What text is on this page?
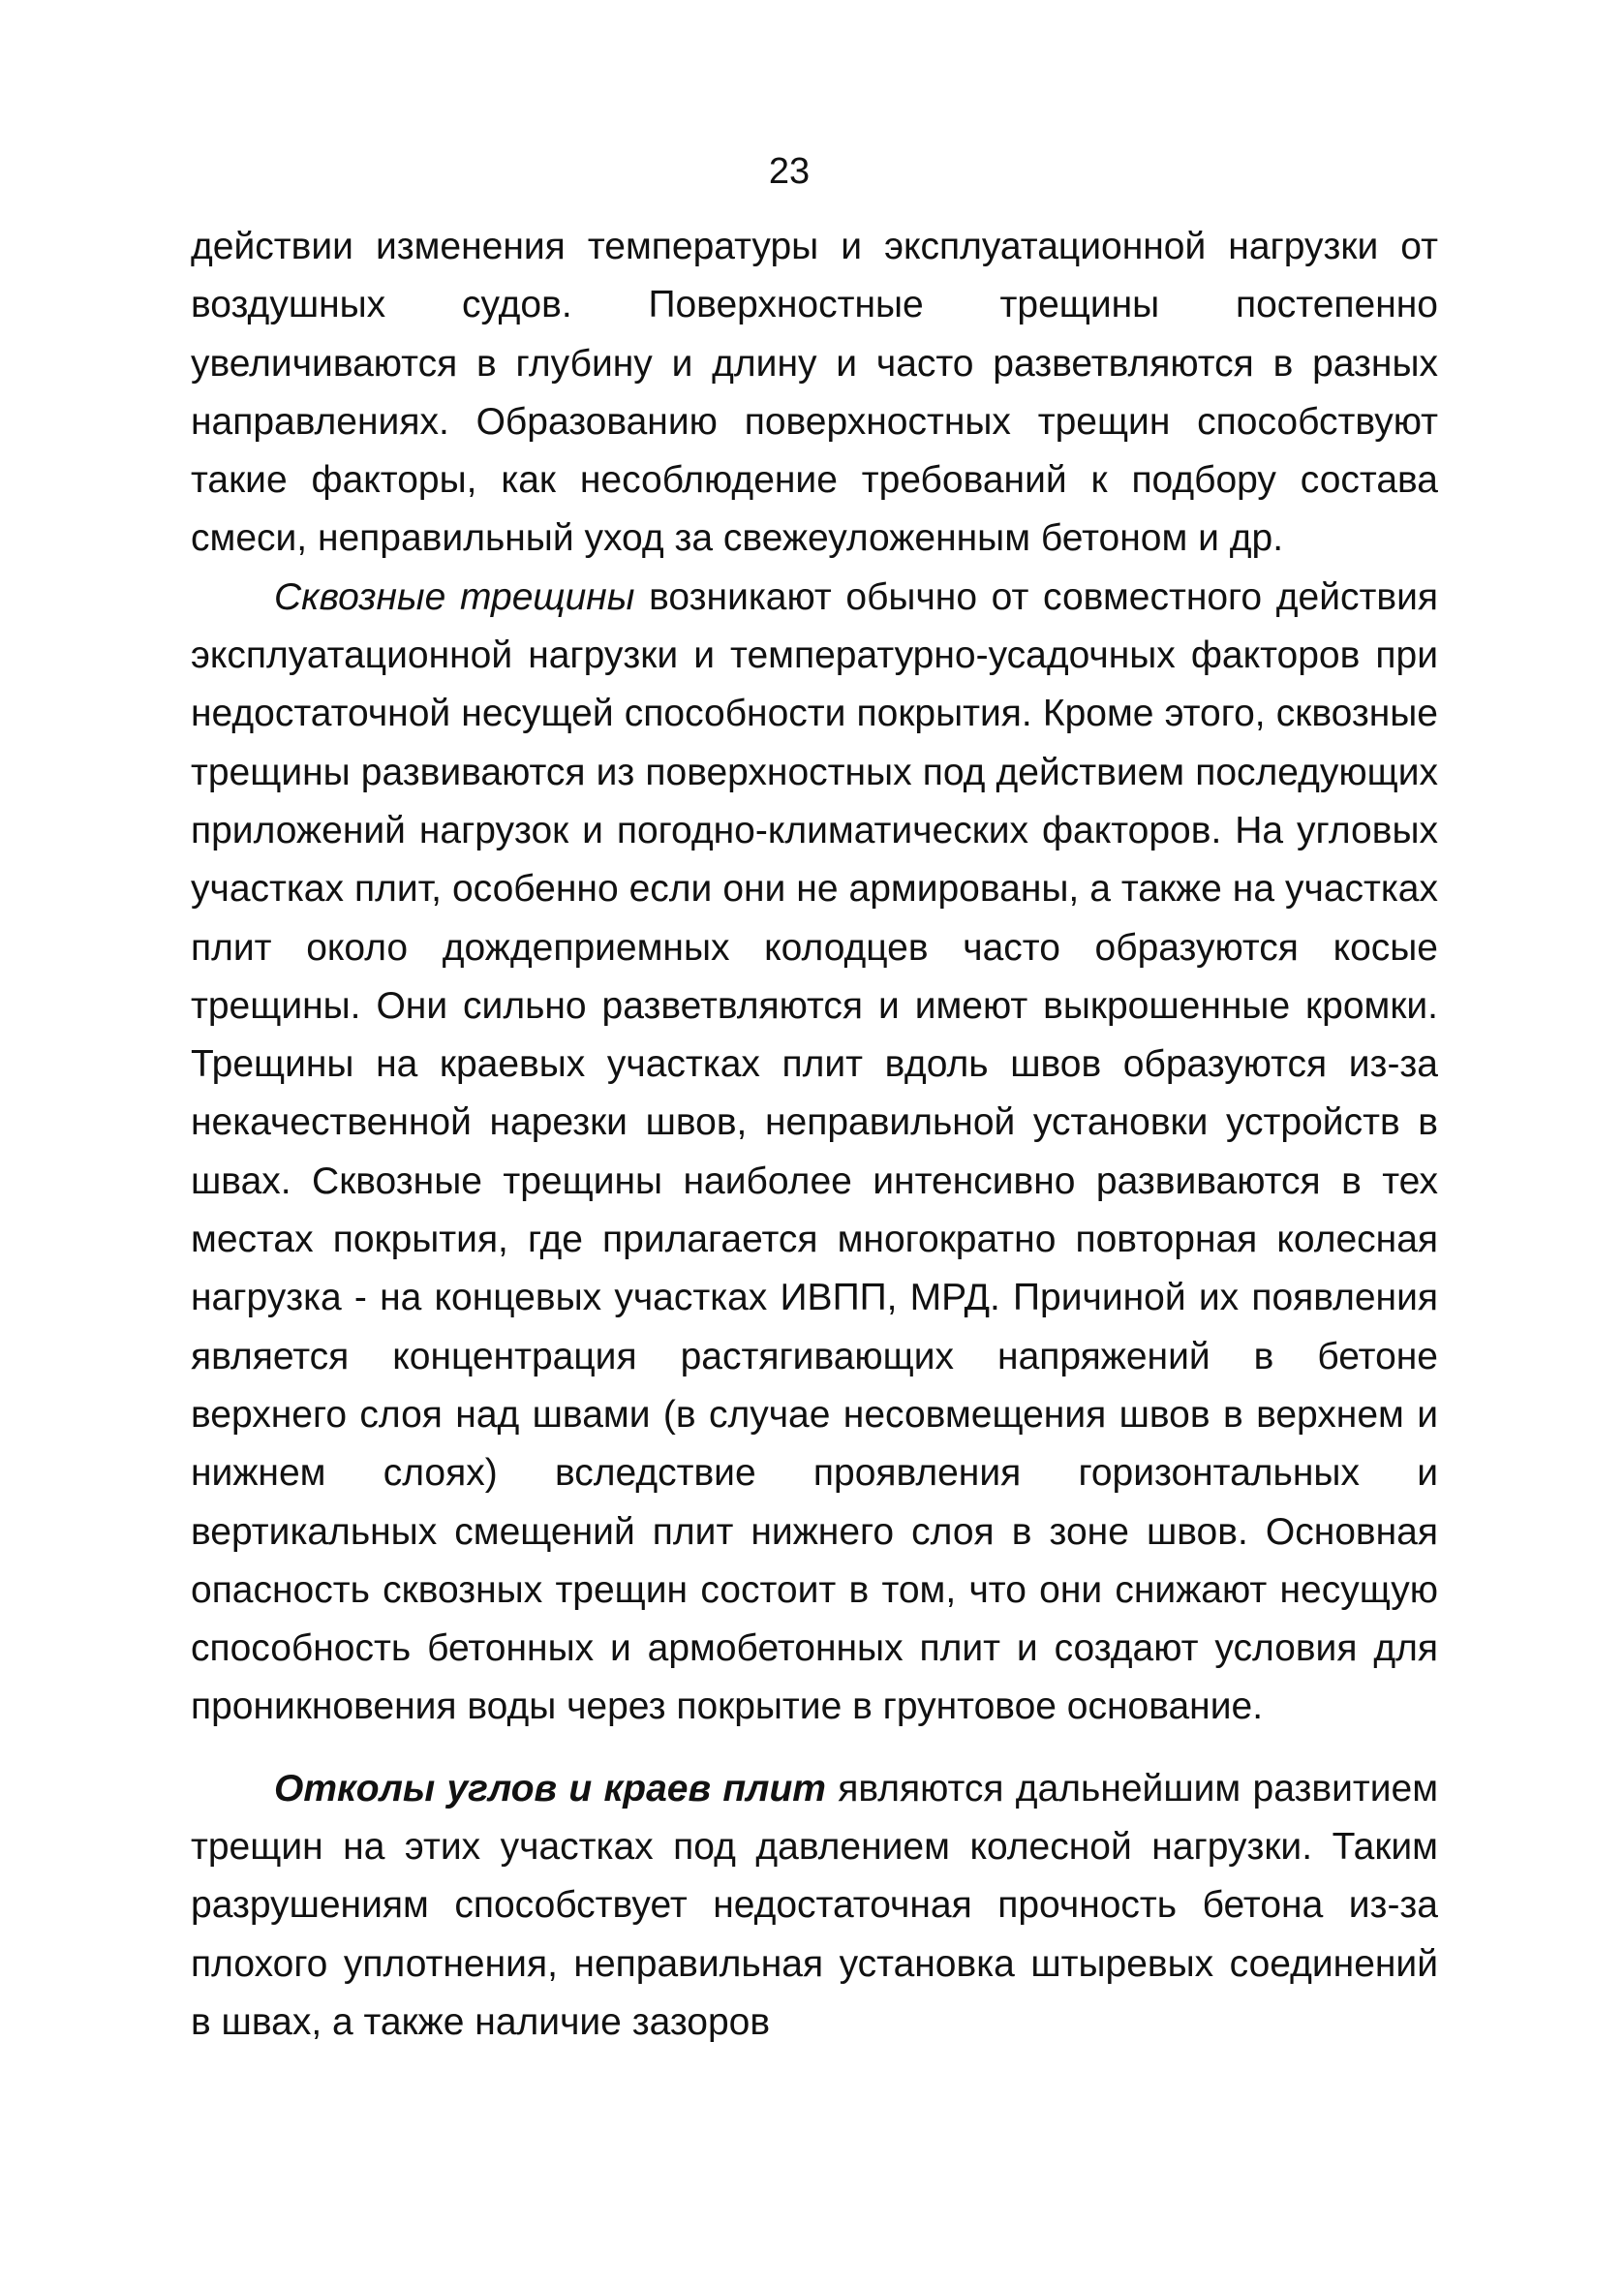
23

действии изменения температуры и эксплуатационной нагрузки от воздушных судов. Поверхностные трещины постепенно увеличиваются в глубину и длину и часто разветвляются в разных направлениях. Образованию поверхностных трещин способствуют такие факторы, как несоблюдение требований к подбору состава смеси, неправильный уход за свежеуложенным бетоном и др.

Сквозные трещины возникают обычно от совместного действия эксплуатационной нагрузки и температурно-усадочных факторов при недостаточной несущей способности покрытия. Кроме этого, сквозные трещины развиваются из поверхностных под действием последующих приложений нагрузок и погодно-климатических факторов. На угловых участках плит, особенно если они не армированы, а также на участках плит около дождеприемных колодцев часто образуются косые трещины. Они сильно разветвляются и имеют выкрошенные кромки. Трещины на краевых участках плит вдоль швов образуются из-за некачественной нарезки швов, неправильной установки устройств в швах. Сквозные трещины наиболее интенсивно развиваются в тех местах покрытия, где прилагается многократно повторная колесная нагрузка - на концевых участках ИВПП, МРД. Причиной их появления является концентрация растягивающих напряжений в бетоне верхнего слоя над швами (в случае несовмещения швов в верхнем и нижнем слоях) вследствие проявления горизонтальных и вертикальных смещений плит нижнего слоя в зоне швов. Основная опасность сквозных трещин состоит в том, что они снижают несущую способность бетонных и армобетонных плит и создают условия для проникновения воды через покрытие в грунтовое основание.

Отколы углов и краев плит являются дальнейшим развитием трещин на этих участках под давлением колесной нагрузки. Таким разрушениям способствует недостаточная прочность бетона из-за плохого уплотнения, неправильная установка штыревых соединений в швах, а также наличие зазоров
